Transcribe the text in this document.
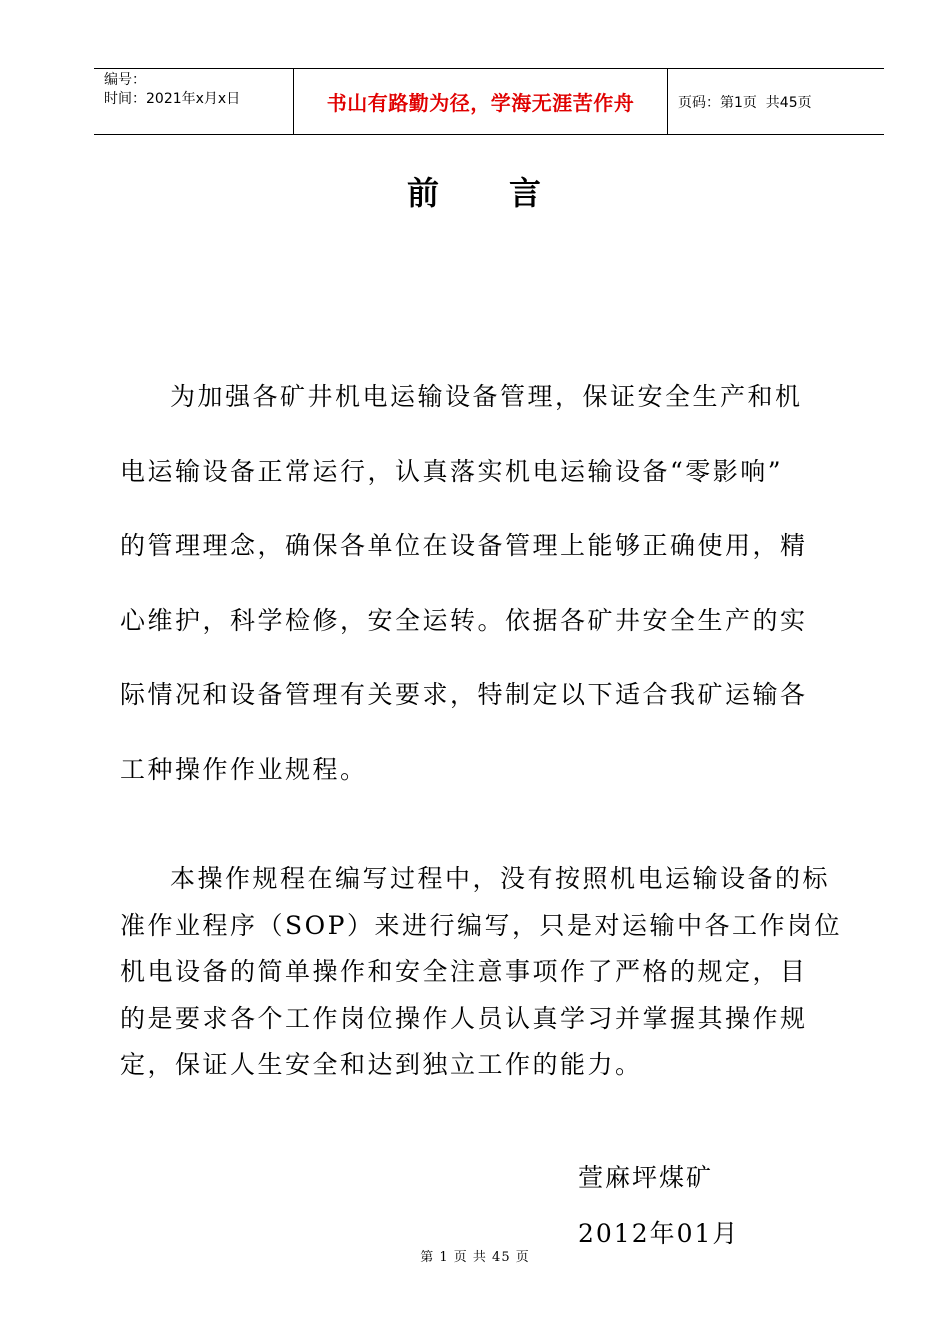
编号：
时间：2021年x月x日	书山有路勤为径，学海无涯苦作舟	页码：第1页  共45页
前　　言
为加强各矿井机电运输设备管理，保证安全生产和机
电运输设备正常运行，认真落实机电运输设备“零影响”
的管理理念，确保各单位在设备管理上能够正确使用，精
心维护，科学检修，安全运转。依据各矿井安全生产的实
际情况和设备管理有关要求，特制定以下适合我矿运输各
工种操作作业规程。
本操作规程在编写过程中，没有按照机电运输设备的标
准作业程序（SOP）来进行编写，只是对运输中各工作岗位
机电设备的简单操作和安全注意事项作了严格的规定，目
的是要求各个工作岗位操作人员认真学习并掌握其操作规
定，保证人生安全和达到独立工作的能力。
萱麻坪煤矿
2012年01月
第 1 页 共 45 页
